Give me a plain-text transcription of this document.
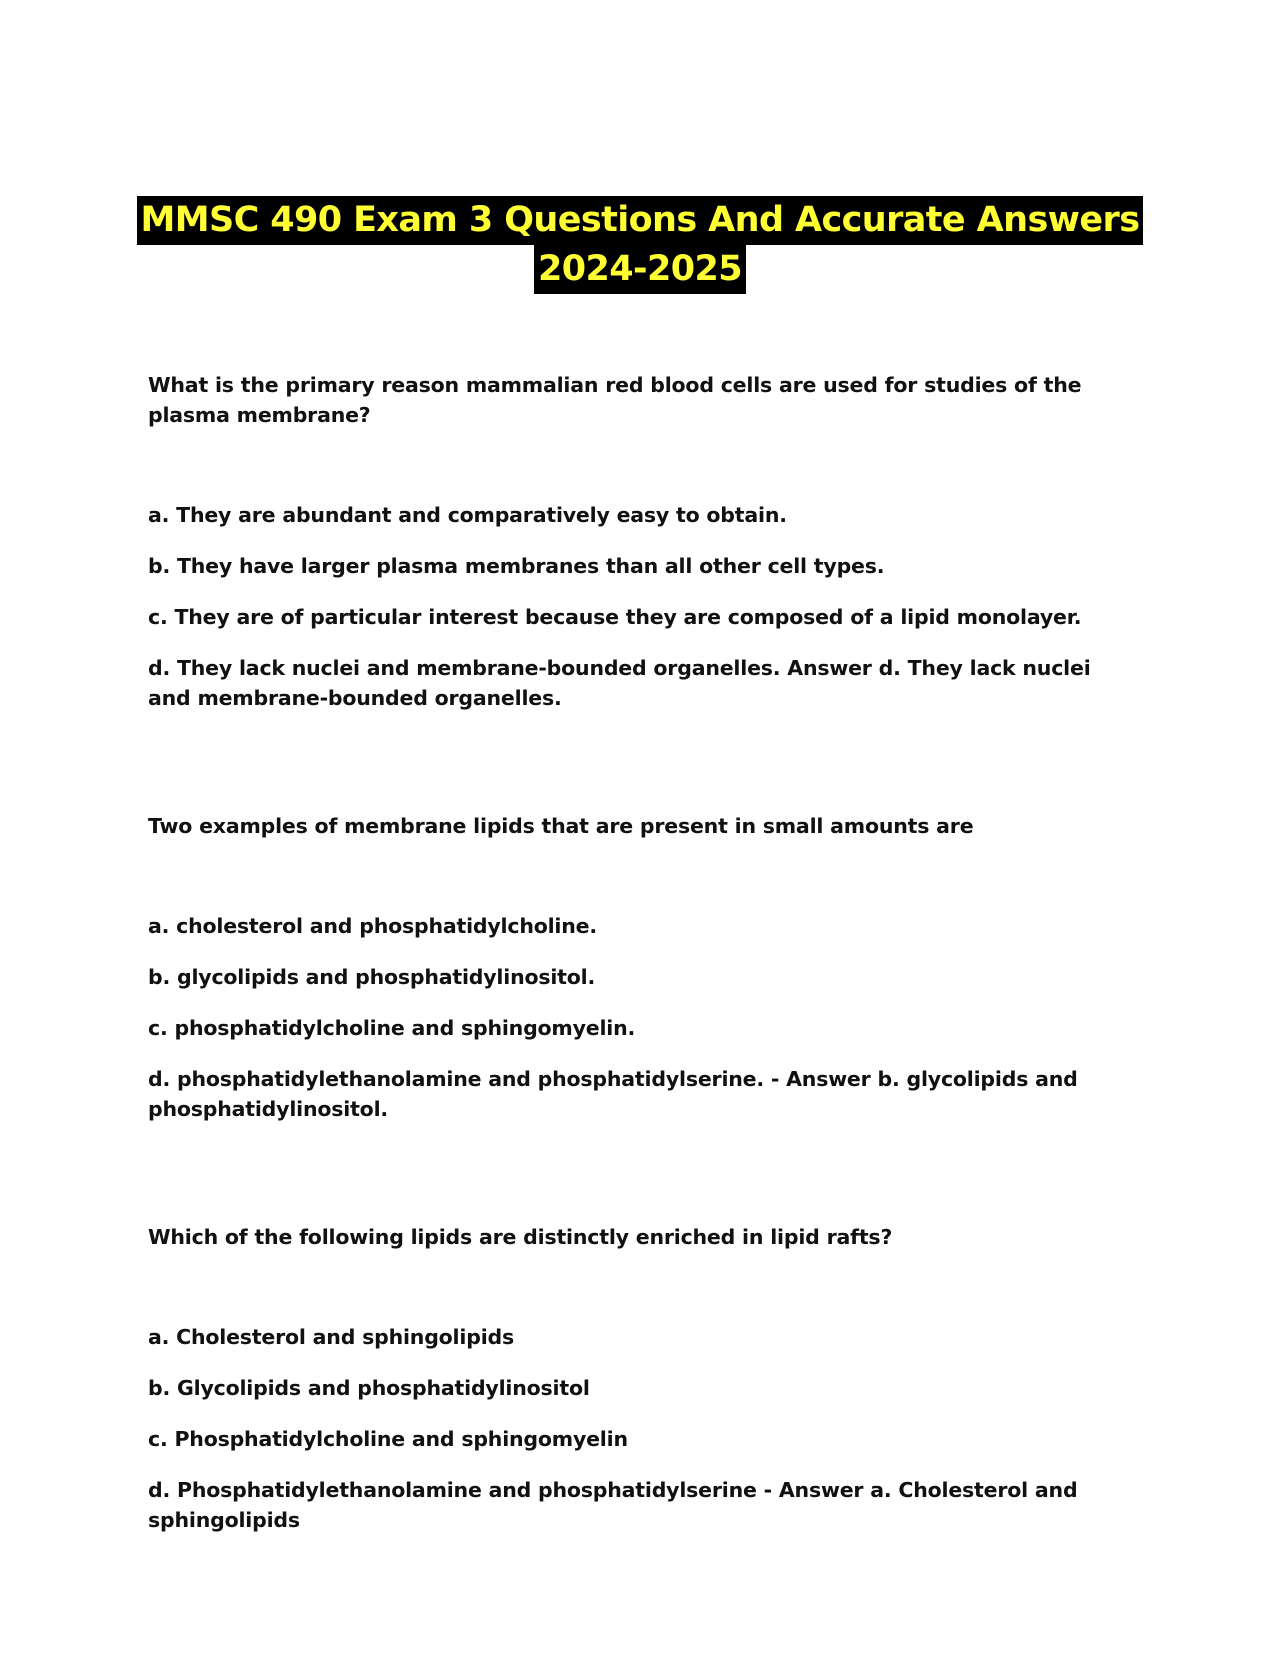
MMSC 490 Exam 3 Questions And Accurate Answers
2024-2025

What is the primary reason mammalian red blood cells are used for studies of the plasma membrane?

a. They are abundant and comparatively easy to obtain.

b. They have larger plasma membranes than all other cell types.

c. They are of particular interest because they are composed of a lipid monolayer.

d. They lack nuclei and membrane-bounded organelles. Answer d. They lack nuclei and membrane-bounded organelles.

Two examples of membrane lipids that are present in small amounts are

a. cholesterol and phosphatidylcholine.

b. glycolipids and phosphatidylinositol.

c. phosphatidylcholine and sphingomyelin.

d. phosphatidylethanolamine and phosphatidylserine. - Answer b. glycolipids and phosphatidylinositol.

Which of the following lipids are distinctly enriched in lipid rafts?

a. Cholesterol and sphingolipids

b. Glycolipids and phosphatidylinositol

c. Phosphatidylcholine and sphingomyelin

d. Phosphatidylethanolamine and phosphatidylserine - Answer a. Cholesterol and sphingolipids
